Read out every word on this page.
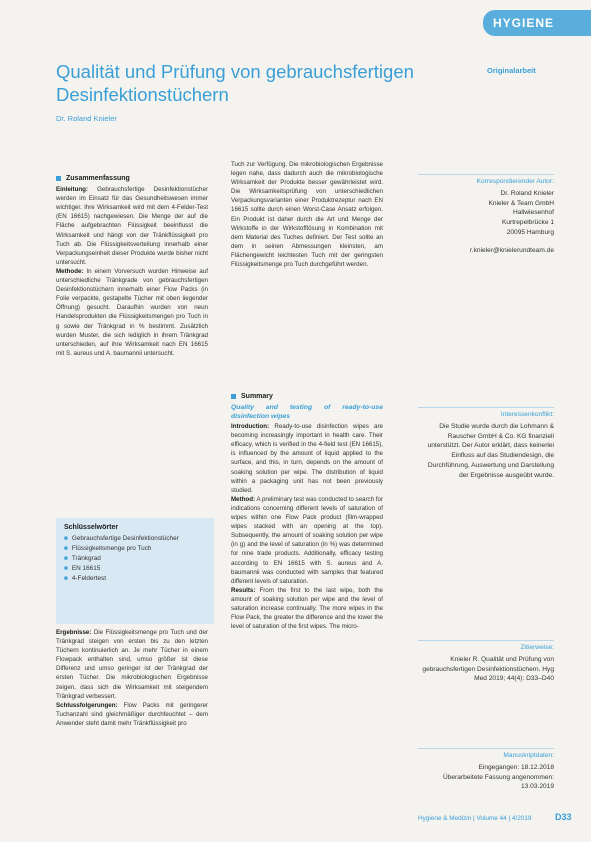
HYGIENE
Originalarbeit
Qualität und Prüfung von gebrauchsfertigen Desinfektionstüchern
Dr. Roland Knieler
Zusammenfassung

Einleitung: Gebrauchsfertige Desinfektionstücher werden im Einsatz für das Gesundheitswesen immer wichtiger. Ihre Wirksamkeit wird mit dem 4-Felder-Test (EN 16615) nachgewiesen. Die Menge der auf die Fläche aufgebrachten Flüssigkeit beeinflusst die Wirksamkeit und hängt von der Tränkflüssigkeit pro Tuch ab. Die Flüssigkeitsverteilung innerhalb einer Verpackungseinheit dieser Produkte wurde bisher nicht untersucht.

Methode: In einem Vorversuch wurden Hinweise auf unterschiedliche Tränkgrade von gebrauchsfertigen Desinfektionstüchern innerhalb einer Flow Packs (in Folie verpackte, gestapelte Tücher mit oben liegender Öffnung) gesucht. Daraufhin wurden von neun Handelsprodukten die Flüssigkeitsmengen pro Tuch in g sowie der Tränkgrad in % bestimmt. Zusätzlich wurden Muster, die sich lediglich in ihrem Tränkgrad unterschieden, auf ihre Wirksamkeit nach EN 16615 mit S. aureus und A. baumannii untersucht.

Schlüsselwörter
■ Gebrauchsfertige Desinfektionstücher
■ Flüssigkeitsmenge pro Tuch
■ Tränkgrad
■ EN 16615
■ 4-Feldertest

Ergebnisse: Die Flüssigkeitsmenge pro Tuch und der Tränkgrad steigen von ersten bis zu den letzten Tüchern kontinuierlich an. Je mehr Tücher in einem Flowpack enthalten sind, umso größer ist diese Differenz und umso geringer ist der Tränkgrad der ersten Tücher. Die mikrobiologischen Ergebnisse zeigen, dass sich die Wirksamkeit mit steigendem Tränkgrad verbessert.

Schlussfolgerungen: Flow Packs mit geringerer Tuchanzahl sind gleichmäßiger durchfeuchtet – dem Anwender steht damit mehr Tränkflüssigkeit pro

Tuch zur Verfügung. Die mikrobiologischen Ergebnisse legen nahe, dass dadurch auch die mikrobiologische Wirksamkeit der Produkte besser gewährleistet wird. Die Wirksamkeitsprüfung von unterschiedlichen Verpackungsvarianten einer Produktrezeptur nach EN 16615 sollte durch einen Worst-Case Ansatz erfolgen. Ein Produkt ist daher durch die Art und Menge der Wirkstoffe in der Wirkstofflösung in Kombination mit dem Material des Tuches definiert. Der Test sollte an dem in seinen Abmessungen kleinsten, am Flächengewicht leichtesten Tuch mit der geringsten Flüssigkeitsmenge pro Tuch durchgeführt werden.

Summary
Quality and testing of ready-to-use disinfection wipes

Introduction: Ready-to-use disinfection wipes are becoming increasingly important in health care. Their efficacy, which is verified in the 4-field test (EN 16615), is influenced by the amount of liquid applied to the surface, and this, in turn, depends on the amount of soaking solution per wipe. The distribution of liquid within a packaging unit has not been previously studied.

Method: A preliminary test was conducted to search for indications concerning different levels of saturation of wipes within one Flow Pack product (film-wrapped wipes stacked with an opening at the top). Subsequently, the amount of soaking solution per wipe (in g) and the level of saturation (in %) was determined for nine trade products. Additionally, efficacy testing according to EN 16615 with S. aureus and A. baumannii was conducted with samples that featured different levels of saturation.

Results: From the first to the last wipe, both the amount of soaking solution per wipe and the level of saturation increase continually. The more wipes in the Flow Pack, the greater the difference and the lower the level of saturation of the first wipes. The micro-

Korrespondierender Autor:
Dr. Roland Knieler
Knieler & Team GmbH
Hallwiesenhof
Kurtrepelbrücke 1
20095 Hamburg
r.knieler@knielerundteam.de
Interessenkonflikt:
Die Studie wurde durch die Lohmann & Rauscher GmbH & Co. KG finanziell unterstützt. Der Autor erklärt, dass keinerlei Einfluss auf das Studiendesign, die Durchführung, Auswertung und Darstellung der Ergebnisse ausgeübt wurde.
Zitierweise:
Knieler R. Qualität und Prüfung von gebrauchsfertigen Desinfektionstüchern. Hyg Med 2019; 44(4): D33–D40
Manuskriptdaten:
Eingegangen: 18.12.2018
Überarbeitete Fassung angenommen: 13.03.2019
Hygiene & Medizin | Volume 44 | 4/2019	D33
